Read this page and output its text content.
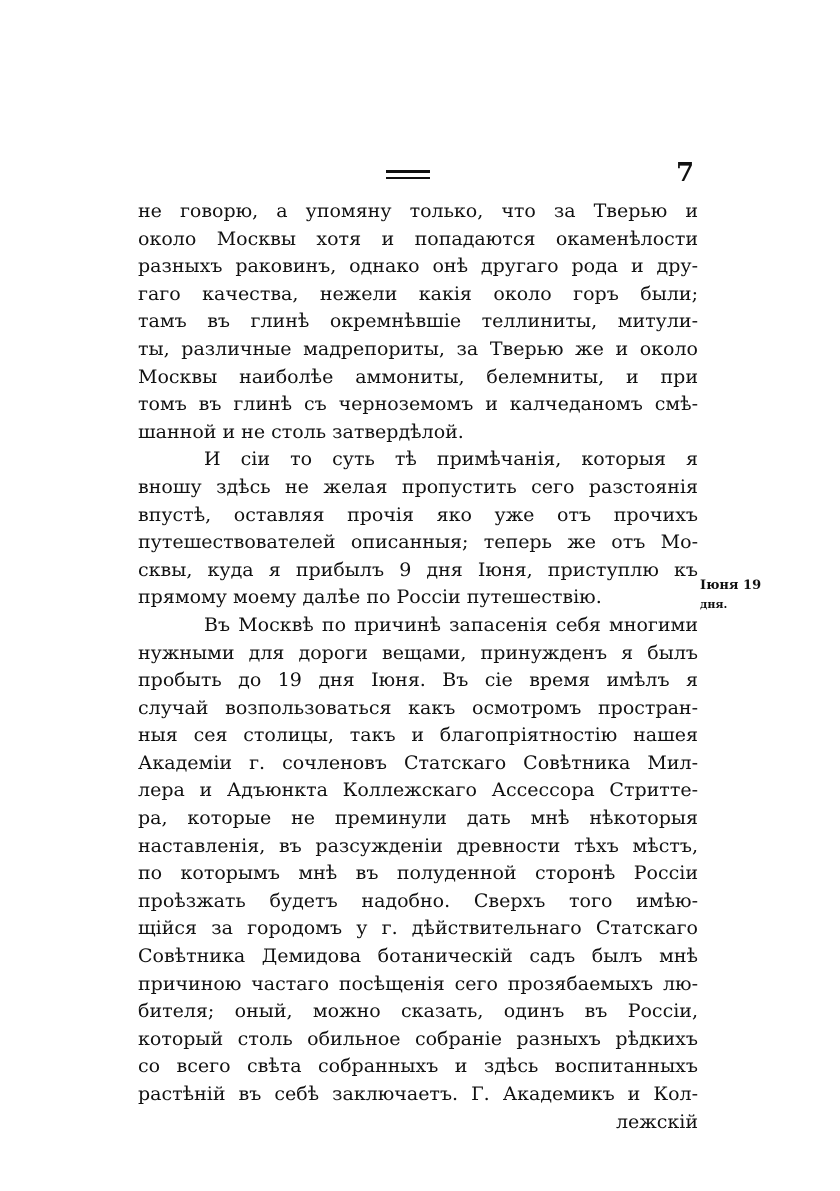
7
Iюня 19
дня.
не говорю, а упомяну только, что за Тверью и
около Москвы хотя и попадаются окаменѣлости
разныхъ раковинъ, однако онѣ другаго рода и дру-
гаго качества, нежели какія около горъ были;
тамъ въ глинѣ окремнѣвшіе теллиниты, митули-
ты, различные мадрепориты, за Тверью же и около
Москвы наиболѣе аммониты, белемниты, и при
томъ въ глинѣ съ черноземомъ и калчеданомъ смѣ-
шанной и не столь затвердѣлой.
И сіи то суть тѣ примѣчанія, которыя я
вношу здѣсь не желая пропустить сего разстоянія
впустѣ, оставляя прочія яко уже отъ прочихъ
путешествователей описанныя; теперь же отъ Мо-
сквы, куда я прибылъ 9 дня Іюня, приступлю къ
прямому моему далѣе по Россіи путешествію.
Въ Москвѣ по причинѣ запасенія себя многими
нужными для дороги вещами, принужденъ я былъ
пробыть до 19 дня Іюня. Въ сіе время имѣлъ я
случай возпользоваться какъ осмотромъ простран-
ныя сея столицы, такъ и благопріятностію нашея
Академіи г. сочленовъ Статскаго Совѣтника Мил-
лера и Адъюнкта Коллежскаго Ассессора Стритте-
ра, которые не преминули дать мнѣ нѣкоторыя
наставленія, въ разсужденіи древности тѣхъ мѣстъ,
по которымъ мнѣ въ полуденной сторонѣ Россіи
проѣзжать будетъ надобно. Сверхъ того имѣю-
щійся за городомъ у г. дѣйствительнаго Статскаго
Совѣтника Демидова ботаническій садъ былъ мнѣ
причиною частаго посѣщенія сего прозябаемыхъ лю-
бителя; оный, можно сказать, одинъ въ Россіи,
который столь обильное собраніе разныхъ рѣдкихъ
со всего свѣта собранныхъ и здѣсь воспитанныхъ
растѣній въ себѣ заключаетъ. Г. Академикъ и Кол-
лежскій
